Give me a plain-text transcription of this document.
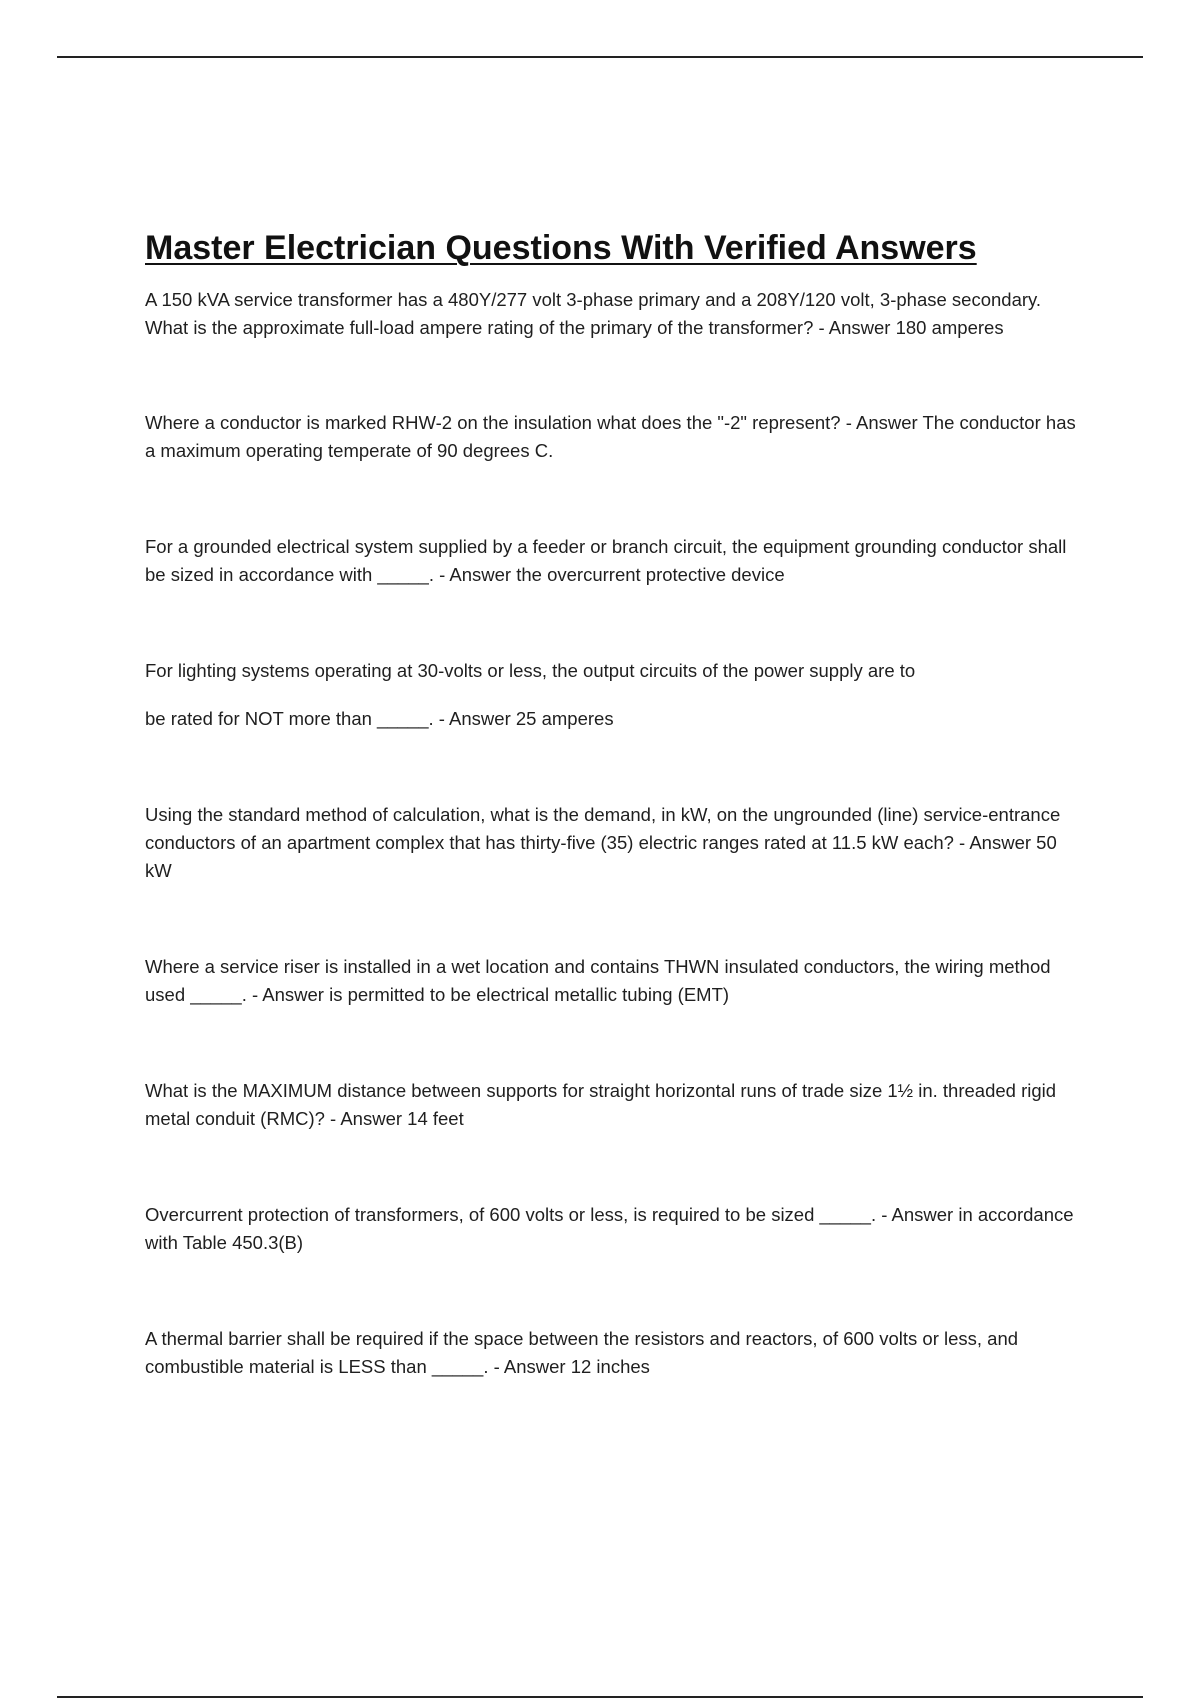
Master Electrician Questions With Verified Answers

A 150 kVA service transformer has a 480Y/277 volt 3-phase primary and a 208Y/120 volt, 3-phase secondary. What is the approximate full-load ampere rating of the primary of the transformer? - Answer 180 amperes

Where a conductor is marked RHW-2 on the insulation what does the "-2" represent? - Answer The conductor has a maximum operating temperate of 90 degrees C.

For a grounded electrical system supplied by a feeder or branch circuit, the equipment grounding conductor shall be sized in accordance with _____. - Answer the overcurrent protective device

For lighting systems operating at 30-volts or less, the output circuits of the power supply are to
be rated for NOT more than _____. - Answer 25 amperes

Using the standard method of calculation, what is the demand, in kW, on the ungrounded (line) service-entrance conductors of an apartment complex that has thirty-five (35) electric ranges rated at 11.5 kW each? - Answer 50 kW

Where a service riser is installed in a wet location and contains THWN insulated conductors, the wiring method used _____. - Answer is permitted to be electrical metallic tubing (EMT)

What is the MAXIMUM distance between supports for straight horizontal runs of trade size 1½ in. threaded rigid metal conduit (RMC)? - Answer 14 feet

Overcurrent protection of transformers, of 600 volts or less, is required to be sized _____. - Answer in accordance with Table 450.3(B)

A thermal barrier shall be required if the space between the resistors and reactors, of 600 volts or less, and combustible material is LESS than _____. - Answer 12 inches
